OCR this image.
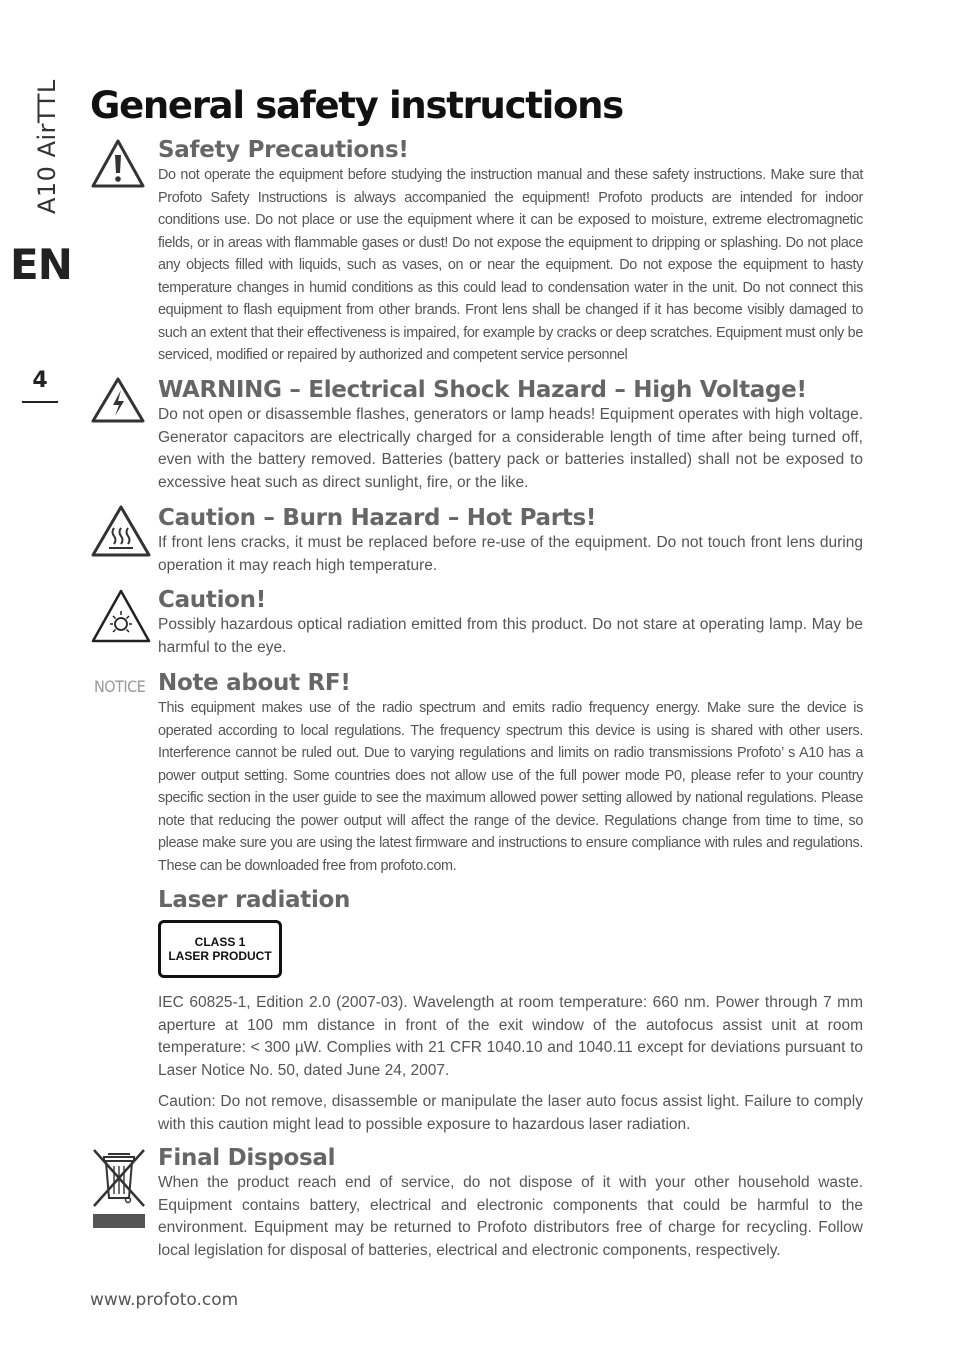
A10 AirTTL
EN
4
General safety instructions
Safety Precautions!

Do not operate the equipment before studying the instruction manual and these safety instructions. Make sure that Profoto Safety Instructions is always accompanied the equipment! Profoto products are intended for indoor conditions use. Do not place or use the equipment where it can be exposed to moisture, extreme electromagnetic fields, or in areas with flammable gases or dust! Do not expose the equipment to dripping or splashing. Do not place any objects filled with liquids, such as vases, on or near the equipment. Do not expose the equipment to hasty temperature changes in humid conditions as this could lead to condensation water in the unit. Do not connect this equipment to flash equipment from other brands. Front lens shall be changed if it has become visibly damaged to such an extent that their effectiveness is impaired, for example by cracks or deep scratches. Equipment must only be serviced, modified or repaired by authorized and competent service personnel

WARNING – Electrical Shock Hazard – High Voltage!

Do not open or disassemble flashes, generators or lamp heads! Equipment operates with high voltage. Generator capacitors are electrically charged for a considerable length of time after being turned off, even with the battery removed. Batteries (battery pack or batteries installed) shall not be exposed to excessive heat such as direct sunlight, fire, or the like.

Caution – Burn Hazard – Hot Parts!

If front lens cracks, it must be replaced before re-use of the equipment. Do not touch front lens during operation it may reach high temperature.

Caution!

Possibly hazardous optical radiation emitted from this product. Do not stare at operating lamp. May be harmful to the eye.

NOTICE Note about RF!

This equipment makes use of the radio spectrum and emits radio frequency energy. Make sure the device is operated according to local regulations. The frequency spectrum this device is using is shared with other users. Interference cannot be ruled out. Due to varying regulations and limits on radio transmissions Profoto’ s A10 has a power output setting. Some countries does not allow use of the full power mode P0, please refer to your country specific section in the user guide to see the maximum allowed power setting allowed by national regulations. Please note that reducing the power output will affect the range of the device. Regulations change from time to time, so please make sure you are using the latest firmware and instructions to ensure compliance with rules and regulations. These can be downloaded free from profoto.com.

Laser radiation
CLASS 1
LASER PRODUCT

IEC 60825-1, Edition 2.0 (2007-03). Wavelength at room temperature: 660 nm. Power through 7 mm aperture at 100 mm distance in front of the exit window of the autofocus assist unit at room temperature: < 300 µW. Complies with 21 CFR 1040.10 and 1040.11 except for deviations pursuant to Laser Notice No. 50, dated June 24, 2007.

Caution: Do not remove, disassemble or manipulate the laser auto focus assist light. Failure to comply with this caution might lead to possible exposure to hazardous laser radiation.

Final Disposal

When the product reach end of service, do not dispose of it with your other household waste. Equipment contains battery, electrical and electronic components that could be harmful to the environment. Equipment may be returned to Profoto distributors free of charge for recycling. Follow local legislation for disposal of batteries, electrical and electronic components, respectively.

www.profoto.com
